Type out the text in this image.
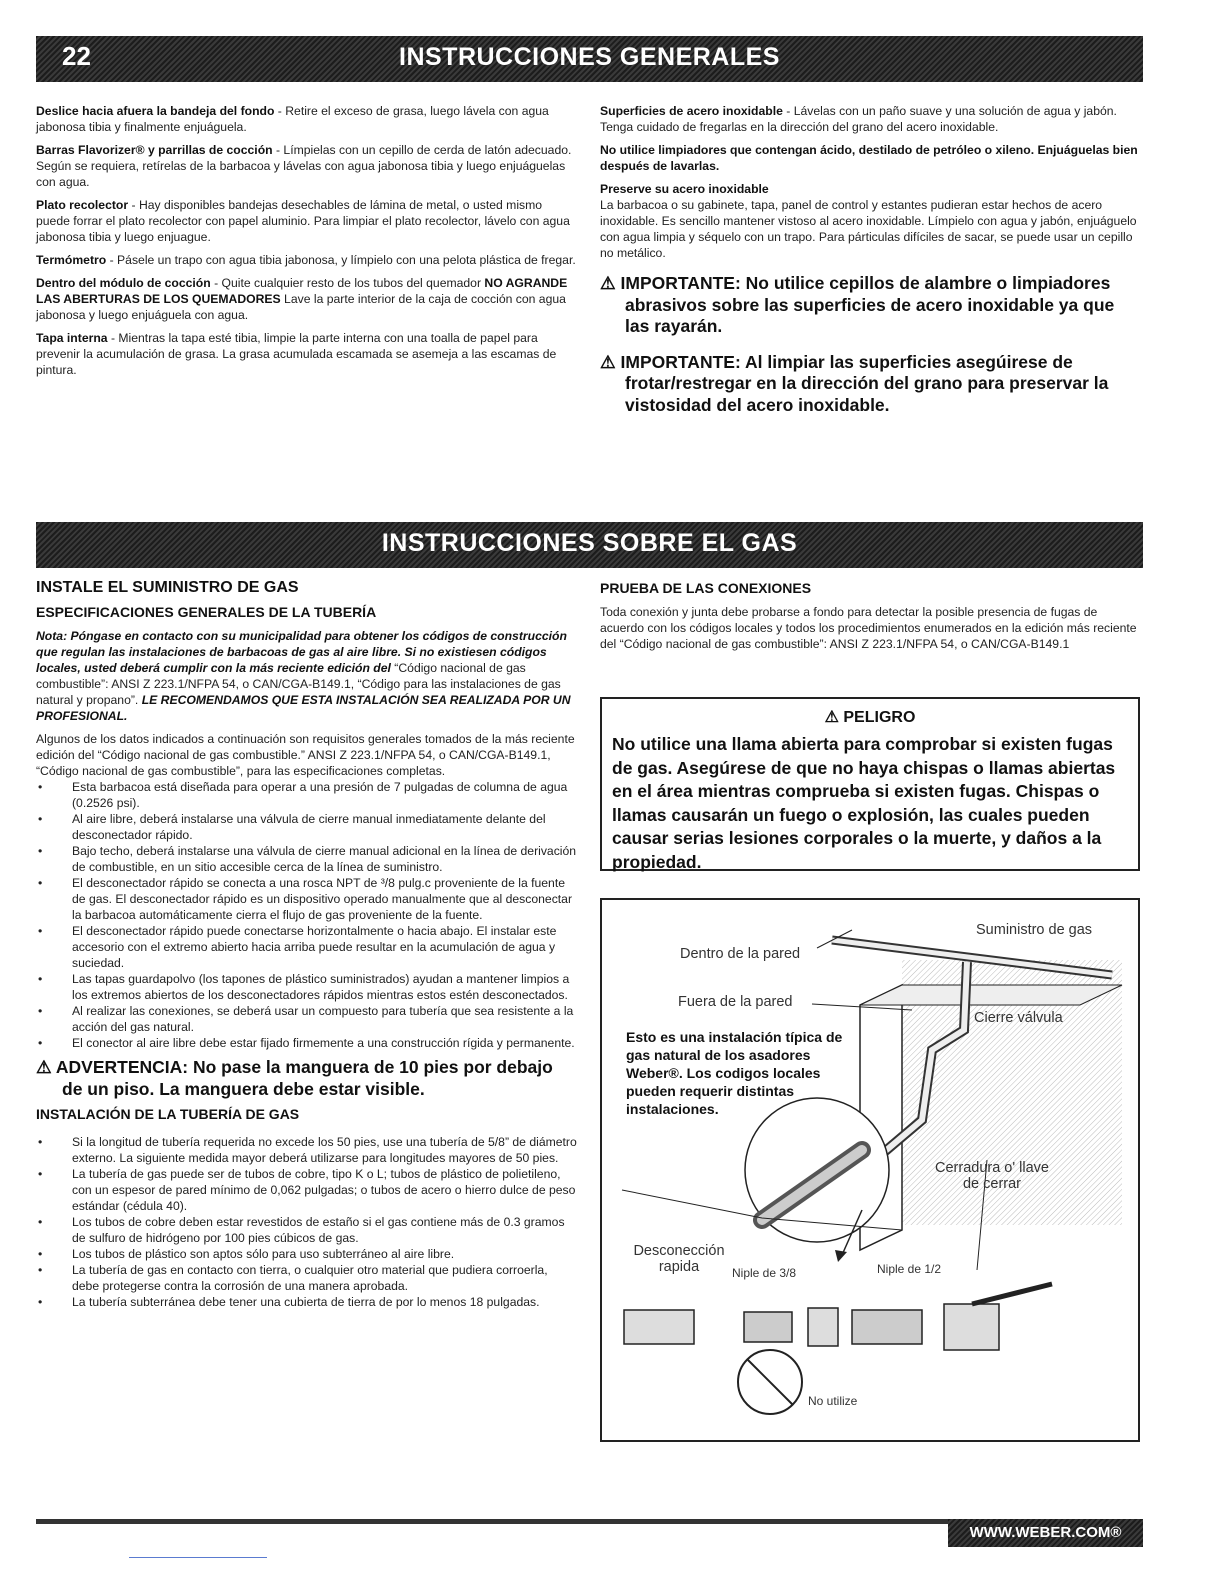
22	INSTRUCCIONES GENERALES

Deslice hacia afuera la bandeja del fondo - Retire el exceso de grasa, luego lávela con agua jabonosa tibia y finalmente enjuáguela.

Barras Flavorizer® y parrillas de cocción - Límpielas con un cepillo de cerda de latón adecuado. Según se requiera, retírelas de la barbacoa y lávelas con agua jabonosa tibia y luego enjuáguelas con agua.

Plato recolector - Hay disponibles bandejas desechables de lámina de metal, o usted mismo puede forrar el plato recolector con papel aluminio. Para limpiar el plato recolector, lávelo con agua jabonosa tibia y luego enjuague.

Termómetro - Pásele un trapo con agua tibia jabonosa, y límpielo con una pelota plástica de fregar.

Dentro del módulo de cocción - Quite cualquier resto de los tubos del quemador NO AGRANDE LAS ABERTURAS DE LOS QUEMADORES Lave la parte interior de la caja de cocción con agua jabonosa y luego enjuáguela con agua.

Tapa interna - Mientras la tapa esté tibia, limpie la parte interna con una toalla de papel para prevenir la acumulación de grasa. La grasa acumulada escamada se asemeja a las escamas de pintura.

Superficies de acero inoxidable - Lávelas con un paño suave y una solución de agua y jabón. Tenga cuidado de fregarlas en la dirección del grano del acero inoxidable.

No utilice limpiadores que contengan ácido, destilado de petróleo o xileno. Enjuáguelas bien después de lavarlas.

Preserve su acero inoxidable
La barbacoa o su gabinete, tapa, panel de control y estantes pudieran estar hechos de acero inoxidable. Es sencillo mantener vistoso al acero inoxidable. Límpielo con agua y jabón, enjuáguelo con agua limpia y séquelo con un trapo. Para párticulas difíciles de sacar, se puede usar un cepillo no metálico.

⚠ IMPORTANTE: No utilice cepillos de alambre o limpiadores abrasivos sobre las superficies de acero inoxidable ya que las rayarán.
⚠ IMPORTANTE: Al limpiar las superficies asegúirese de frotar/restregar en la dirección del grano para preservar la vistosidad del acero inoxidable.
INSTRUCCIONES SOBRE EL GAS
INSTALE EL SUMINISTRO DE GAS
ESPECIFICACIONES GENERALES DE LA TUBERÍA

Nota: Póngase en contacto con su municipalidad para obtener los códigos de construcción que regulan las instalaciones de barbacoas de gas al aire libre. Si no existiesen códigos locales, usted deberá cumplir con la más reciente edición del “Código nacional de gas combustible”: ANSI Z 223.1/NFPA 54, o CAN/CGA-B149.1, “Código para las instalaciones de gas natural y propano”. LE RECOMENDAMOS QUE ESTA INSTALACIÓN SEA REALIZADA POR UN PROFESIONAL.

Algunos de los datos indicados a continuación son requisitos generales tomados de la más reciente edición del “Código nacional de gas combustible.” ANSI Z 223.1/NFPA 54, o CAN/CGA-B149.1, “Código nacional de gas combustible”, para las especificaciones completas.

• Esta barbacoa está diseñada para operar a una presión de 7 pulgadas de columna de agua (0.2526 psi).
• Al aire libre, deberá instalarse una válvula de cierre manual inmediatamente delante del desconectador rápido.
• Bajo techo, deberá instalarse una válvula de cierre manual adicional en la línea de derivación de combustible, en un sitio accesible cerca de la línea de suministro.
• El desconectador rápido se conecta a una rosca NPT de ³/8 pulg.c proveniente de la fuente de gas. El desconectador rápido es un dispositivo operado manualmente que al desconectar la barbacoa automáticamente cierra el flujo de gas proveniente de la fuente.
• El desconectador rápido puede conectarse horizontalmente o hacia abajo. El instalar este accesorio con el extremo abierto hacia arriba puede resultar en la acumulación de agua y suciedad.
• Las tapas guardapolvo (los tapones de plástico suministrados) ayudan a mantener limpios a los extremos abiertos de los desconectadores rápidos mientras estos estén desconectados.
• Al realizar las conexiones, se deberá usar un compuesto para tubería que sea resistente a la acción del gas natural.
• El conector al aire libre debe estar fijado firmemente a una construcción rígida y permanente.
⚠ ADVERTENCIA: No pase la manguera de 10 pies por debajo de un piso. La manguera debe estar visible.
INSTALACIÓN DE LA TUBERÍA DE GAS
• Si la longitud de tubería requerida no excede los 50 pies, use una tubería de 5/8” de diámetro externo. La siguiente medida mayor deberá utilizarse para longitudes mayores de 50 pies.
• La tubería de gas puede ser de tubos de cobre, tipo K o L; tubos de plástico de polietileno, con un espesor de pared mínimo de 0,062 pulgadas; o tubos de acero o hierro dulce de peso estándar (cédula 40).
• Los tubos de cobre deben estar revestidos de estaño si el gas contiene más de 0.3 gramos de sulfuro de hidrógeno por 100 pies cúbicos de gas.
• Los tubos de plástico son aptos sólo para uso subterráneo al aire libre.
• La tubería de gas en contacto con tierra, o cualquier otro material que pudiera corroerla, debe protegerse contra la corrosión de una manera aprobada.
• La tubería subterránea debe tener una cubierta de tierra de por lo menos 18 pulgadas.
PRUEBA DE LAS CONEXIONES

Toda conexión y junta debe probarse a fondo para detectar la posible presencia de fugas de acuerdo con los códigos locales y todos los procedimientos enumerados en la edición más reciente del “Código nacional de gas combustible”: ANSI Z 223.1/NFPA 54, o CAN/CGA-B149.1

⚠ PELIGRO
No utilice una llama abierta para comprobar si existen fugas de gas. Asegúrese de que no haya chispas o llamas abiertas en el área mientras comprueba si existen fugas. Chispas o llamas causarán un fuego o explosión, las cuales pueden causar serias lesiones corporales o la muerte, y daños a la propiedad.
Suministro de gas
Dentro de la pared
Fuera de la pared
Cierre válvula
Esto es una instalación típica de gas natural de los asadores Weber®. Los codigos locales pueden requerir distintas instalaciones.
Cerradura o' llave de cerrar
Desconección rapida	Niple de 3/8	Niple de 1/2
No utilize
WWW.WEBER.COM®
